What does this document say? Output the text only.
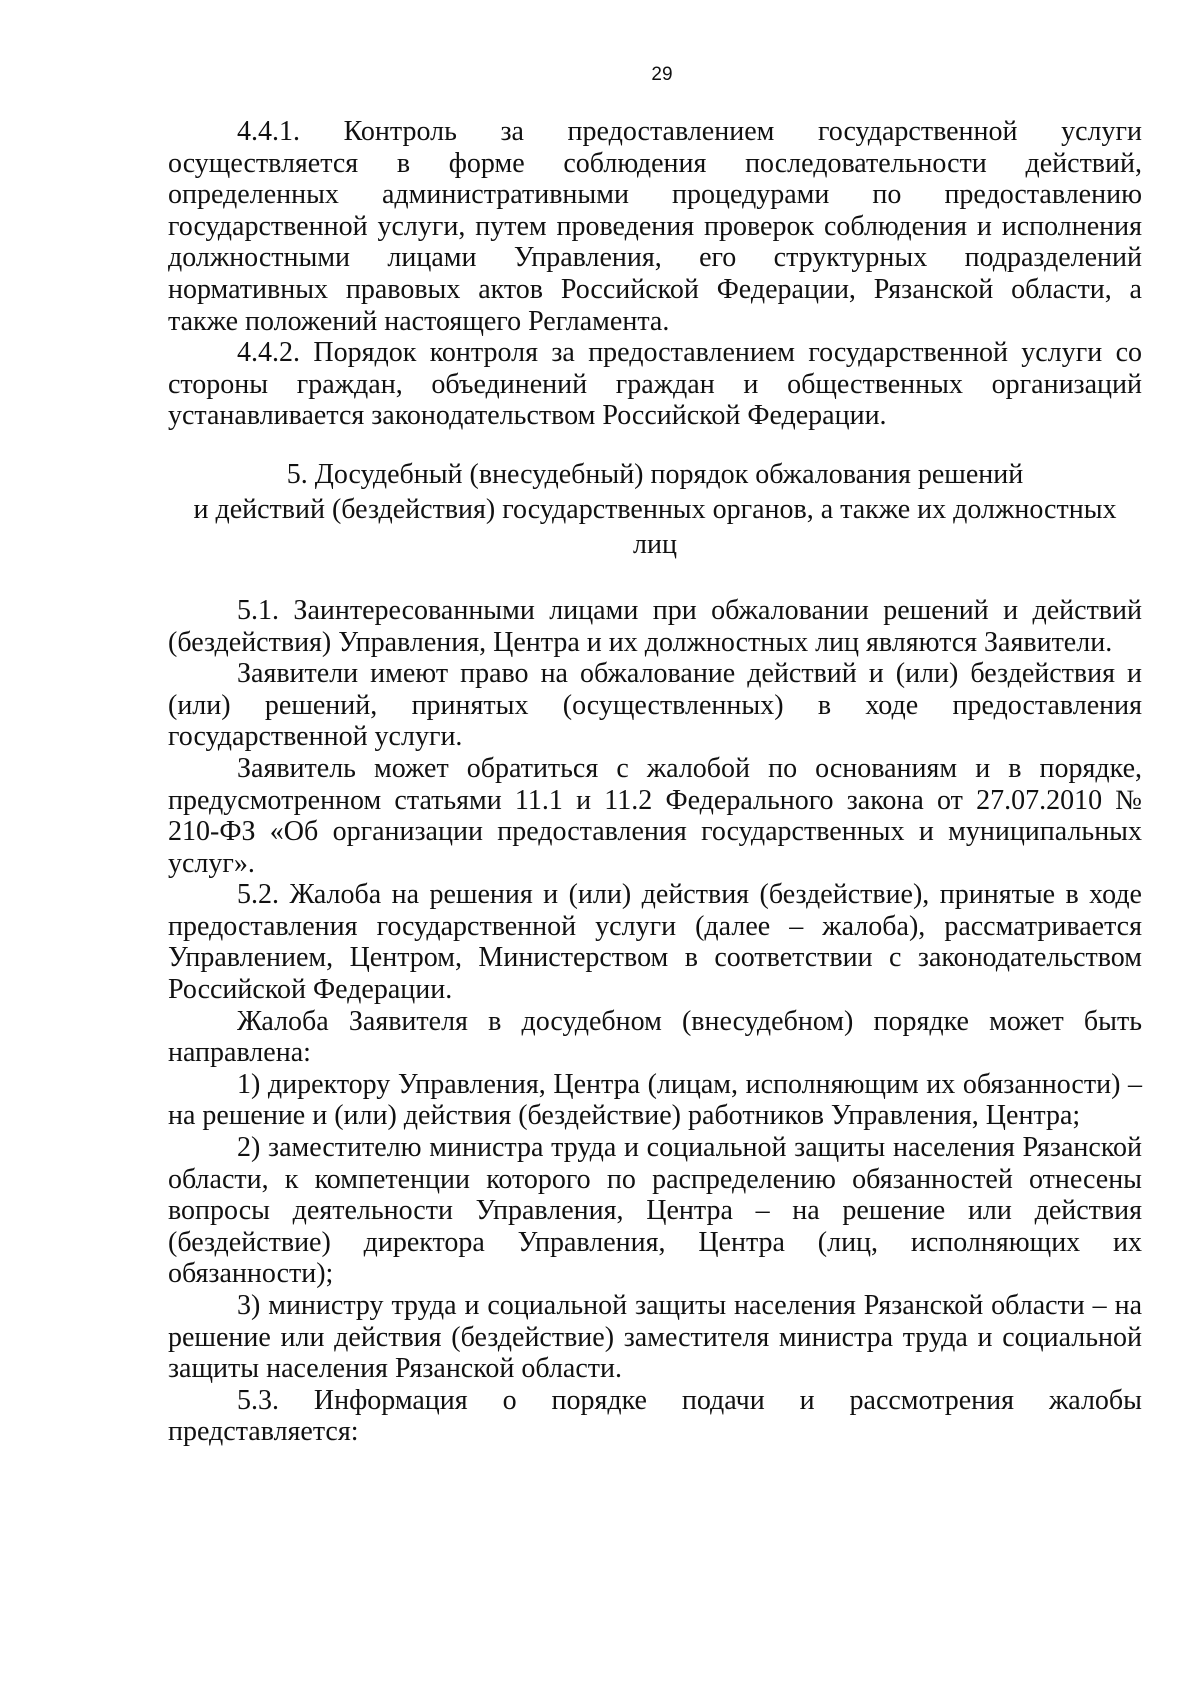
29

4.4.1. Контроль за предоставлением государственной услуги осуществляется в форме соблюдения последовательности действий, определенных административными процедурами по предоставлению государственной услуги, путем проведения проверок соблюдения и исполнения должностными лицами Управления, его структурных подразделений нормативных правовых актов Российской Федерации, Рязанской области, а также положений настоящего Регламента.

4.4.2. Порядок контроля за предоставлением государственной услуги со стороны граждан, объединений граждан и общественных организаций устанавливается законодательством Российской Федерации.

5. Досудебный (внесудебный) порядок обжалования решений
и действий (бездействия) государственных органов, а также их должностных
лиц

5.1. Заинтересованными лицами при обжаловании решений и действий (бездействия) Управления, Центра и их должностных лиц являются Заявители.

Заявители имеют право на обжалование действий и (или) бездействия и (или) решений, принятых (осуществленных) в ходе предоставления государственной услуги.

Заявитель может обратиться с жалобой по основаниям и в порядке, предусмотренном статьями 11.1 и 11.2 Федерального закона от 27.07.2010 № 210-ФЗ «Об организации предоставления государственных и муниципальных услуг».

5.2. Жалоба на решения и (или) действия (бездействие), принятые в ходе предоставления государственной услуги (далее – жалоба), рассматривается Управлением, Центром, Министерством в соответствии с законодательством Российской Федерации.

Жалоба Заявителя в досудебном (внесудебном) порядке может быть направлена:

1) директору Управления, Центра (лицам, исполняющим их обязанности) – на решение и (или) действия (бездействие) работников Управления, Центра;

2) заместителю министра труда и социальной защиты населения Рязанской области, к компетенции которого по распределению обязанностей отнесены вопросы деятельности Управления, Центра – на решение или действия (бездействие) директора Управления, Центра (лиц, исполняющих их обязанности);

3) министру труда и социальной защиты населения Рязанской области – на решение или действия (бездействие) заместителя министра труда и социальной защиты населения Рязанской области.

5.3. Информация о порядке подачи и рассмотрения жалобы представляется:
